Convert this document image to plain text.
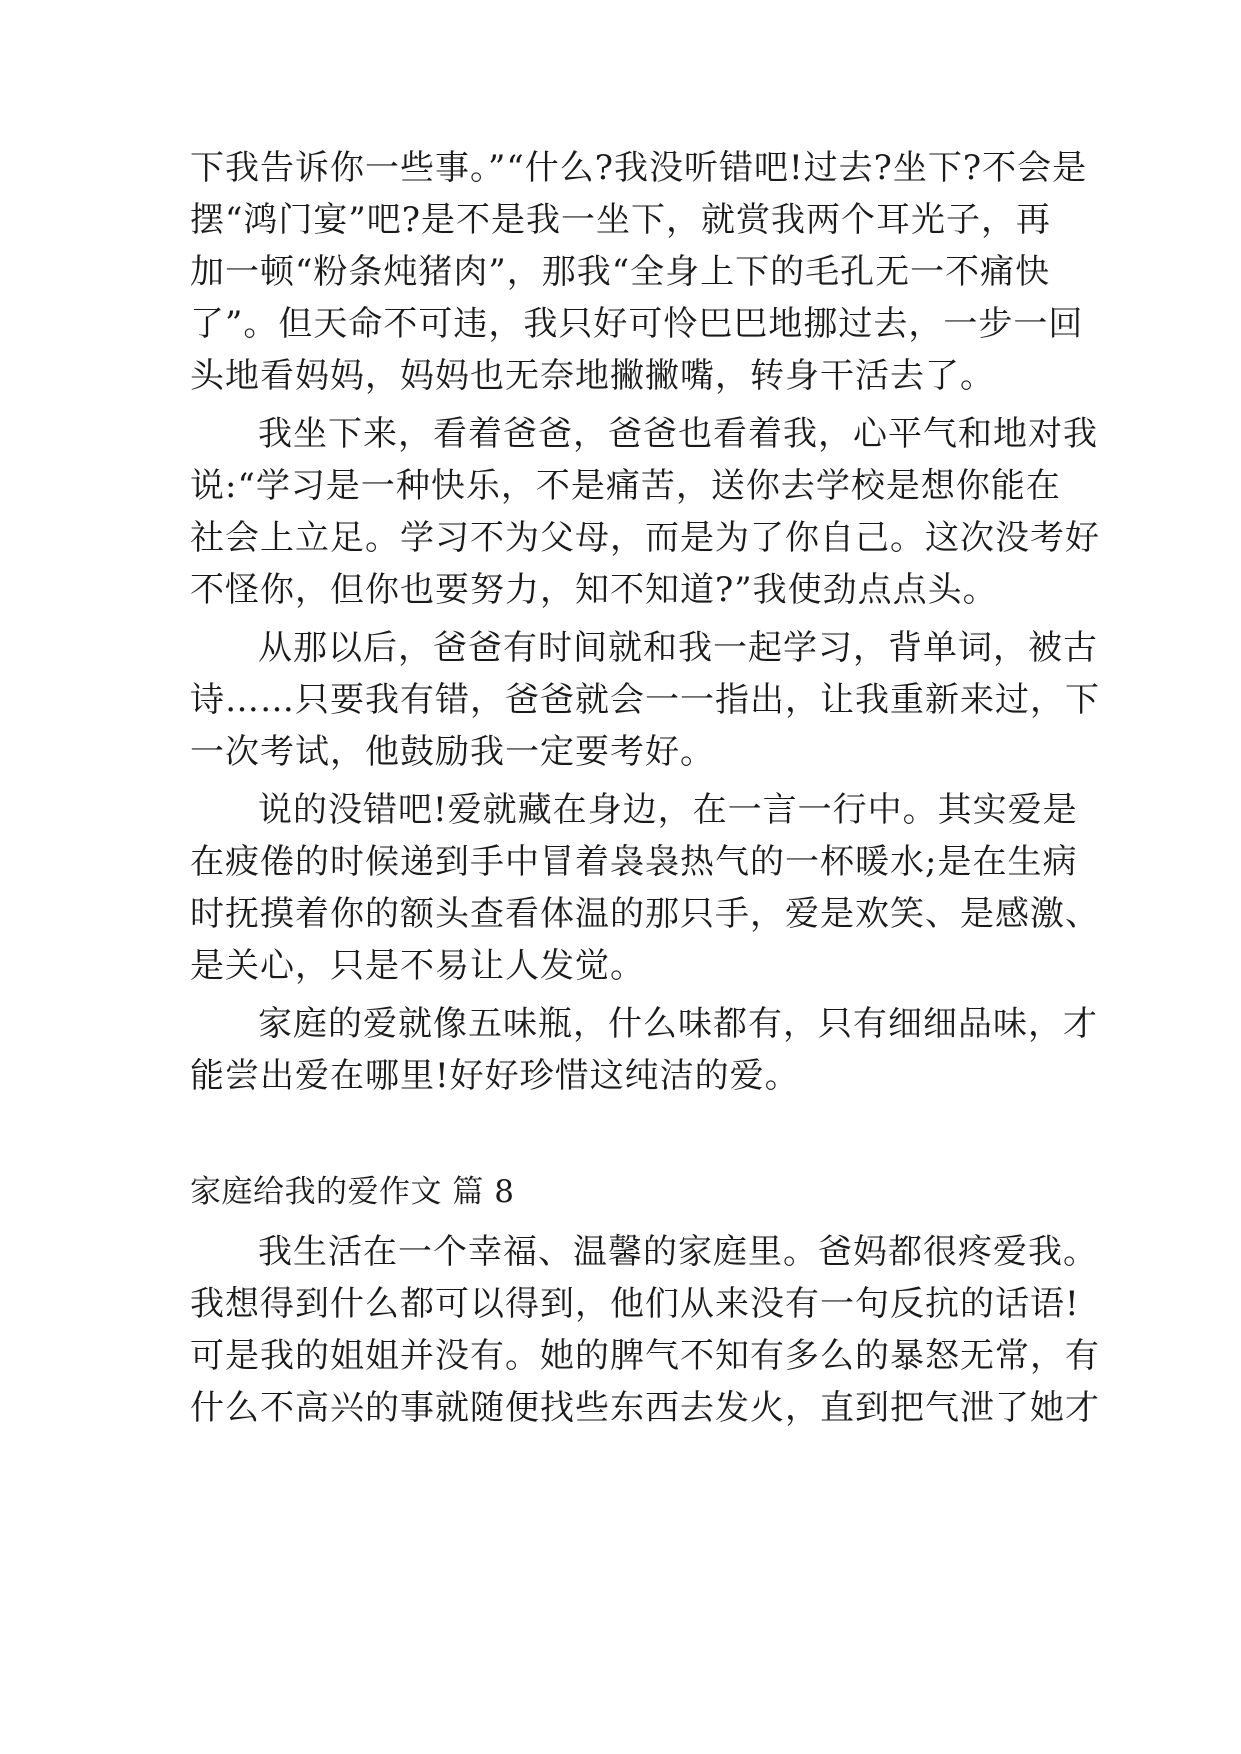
下我告诉你一些事。”“什么?我没听错吧!过去?坐下?不会是
摆“鸿门宴”吧?是不是我一坐下，就赏我两个耳光子，再
加一顿“粉条炖猪肉”，那我“全身上下的毛孔无一不痛快
了”。但天命不可违，我只好可怜巴巴地挪过去，一步一回
头地看妈妈，妈妈也无奈地撇撇嘴，转身干活去了。
我坐下来，看着爸爸，爸爸也看着我，心平气和地对我
说:“学习是一种快乐，不是痛苦，送你去学校是想你能在
社会上立足。学习不为父母，而是为了你自己。这次没考好
不怪你，但你也要努力，知不知道?”我使劲点点头。
从那以后，爸爸有时间就和我一起学习，背单词，被古
诗……只要我有错，爸爸就会一一指出，让我重新来过，下
一次考试，他鼓励我一定要考好。
说的没错吧!爱就藏在身边，在一言一行中。其实爱是
在疲倦的时候递到手中冒着袅袅热气的一杯暖水;是在生病
时抚摸着你的额头查看体温的那只手，爱是欢笑、是感激、
是关心，只是不易让人发觉。
家庭的爱就像五味瓶，什么味都有，只有细细品味，才
能尝出爱在哪里!好好珍惜这纯洁的爱。
家庭给我的爱作文 篇 8
我生活在一个幸福、温馨的家庭里。爸妈都很疼爱我。
我想得到什么都可以得到，他们从来没有一句反抗的话语!
可是我的姐姐并没有。她的脾气不知有多么的暴怒无常，有
什么不高兴的事就随便找些东西去发火，直到把气泄了她才
